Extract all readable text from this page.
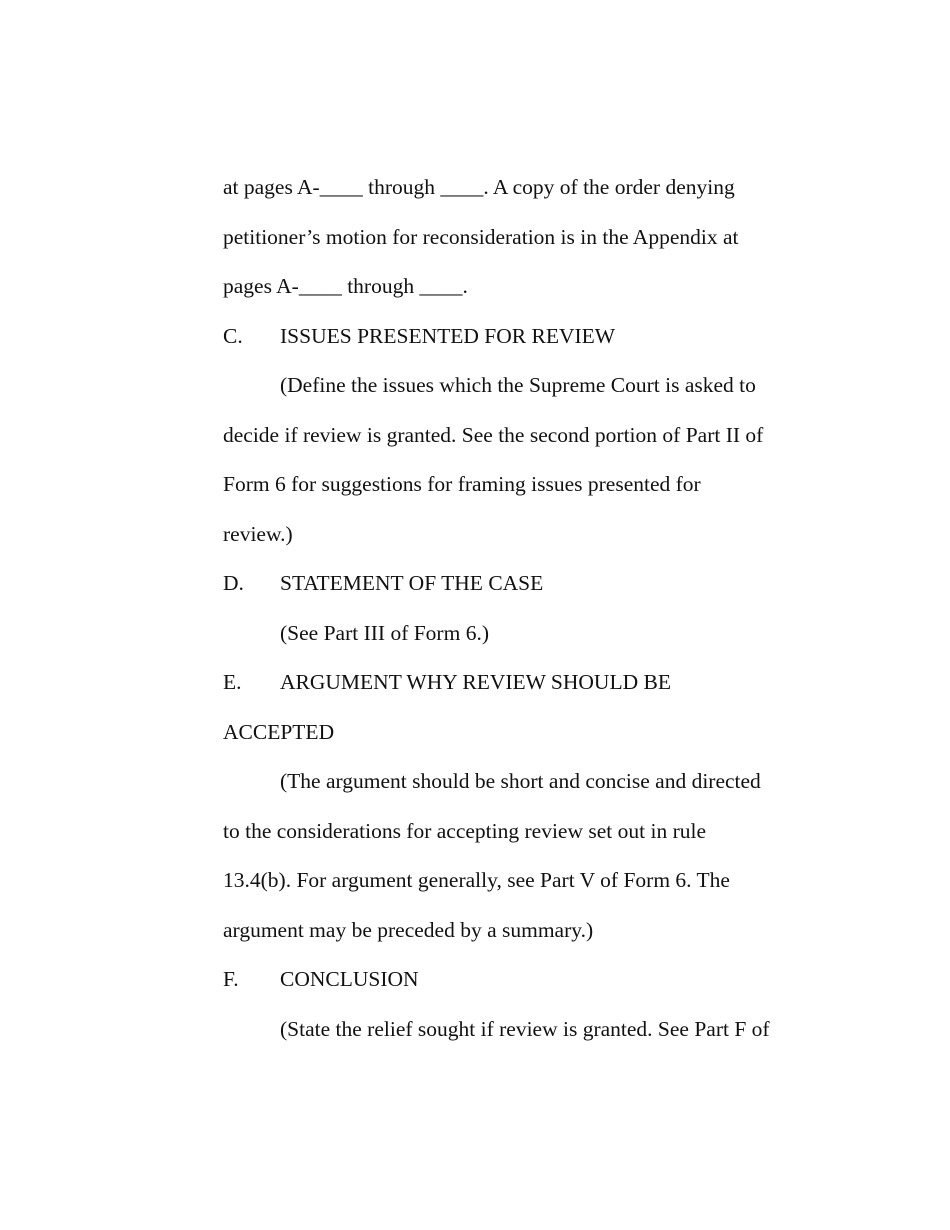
at pages A-____ through ____. A copy of the order denying
petitioner’s motion for reconsideration is in the Appendix at
pages A-____ through ____.
C.	ISSUES PRESENTED FOR REVIEW
(Define the issues which the Supreme Court is asked to
decide if review is granted. See the second portion of Part II of
Form 6 for suggestions for framing issues presented for
review.)
D.	STATEMENT OF THE CASE
(See Part III of Form 6.)
E.	ARGUMENT WHY REVIEW SHOULD BE
ACCEPTED
(The argument should be short and concise and directed
to the considerations for accepting review set out in rule
13.4(b). For argument generally, see Part V of Form 6. The
argument may be preceded by a summary.)
F.	CONCLUSION
(State the relief sought if review is granted. See Part F of
